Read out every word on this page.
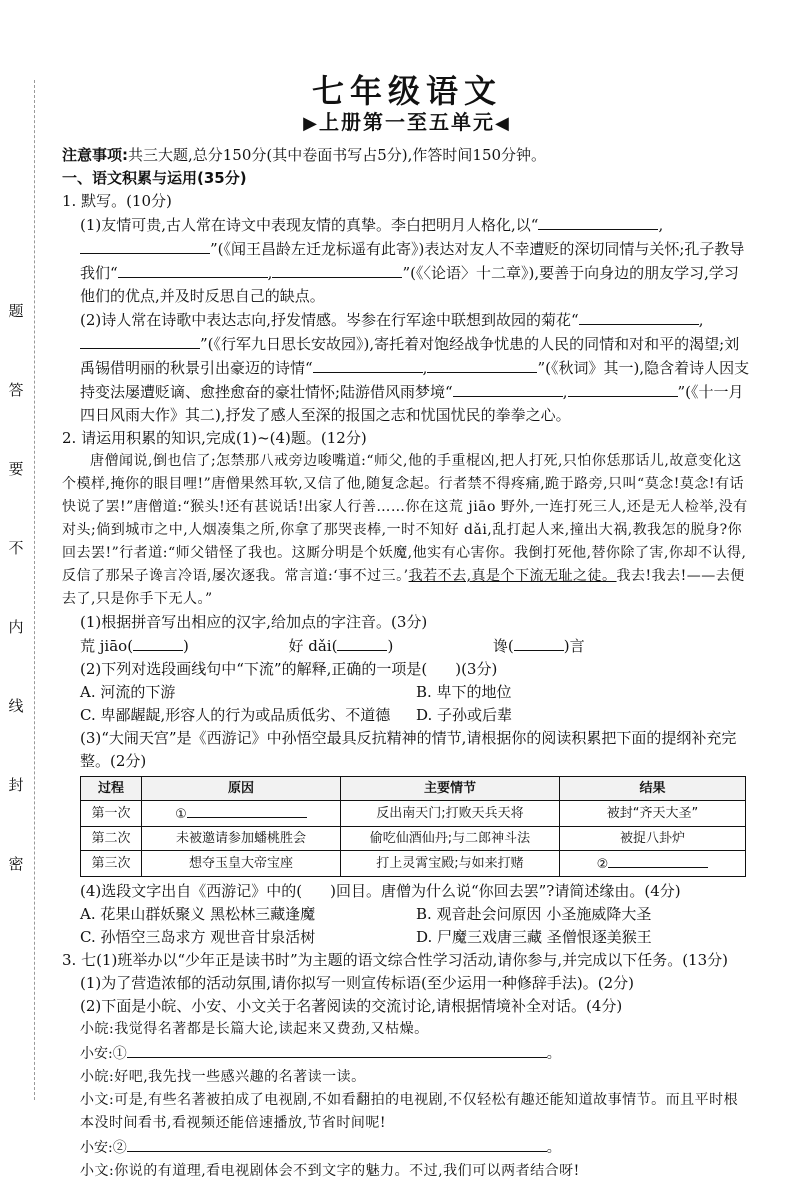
题
答
要
不
内
线
封
密
七年级语文
▶上册第一至五单元◀

注意事项:共三大题,总分150分(其中卷面书写占5分),作答时间150分钟。

一、语文积累与运用(35分)

1. 默写。(10分)

(1)友情可贵,古人常在诗文中表现友情的真挚。李白把明月人格化,以“	,”(《闻王昌龄左迁龙标遥有此寄》)表达对友人不幸遭贬的深切同情与关怀;孔子教导我们“	,	”(《〈论语〉十二章》),要善于向身边的朋友学习,学习他们的优点,并及时反思自己的缺点。

(2)诗人常在诗歌中表达志向,抒发情感。岑参在行军途中联想到故园的菊花“	,”(《行军九日思长安故园》),寄托着对饱经战争忧患的人民的同情和对和平的渴望;刘禹锡借明丽的秋景引出豪迈的诗情“	,	”(《秋词》其一),隐含着诗人因支持变法屡遭贬谪、愈挫愈奋的豪壮情怀;陆游借风雨梦境“	,	”(《十一月四日风雨大作》其二),抒发了感人至深的报国之志和忧国忧民的拳拳之心。

2. 请运用积累的知识,完成(1)~(4)题。(12分)

唐僧闻说,倒也信了;怎禁那八戒旁边唆嘴道:“师父,他的手重棍凶,把人打死,只怕你恁那话儿,故意变化这个模样,掩你的眼目哩!”唐僧果然耳软,又信了他,随复念起。行者禁不得疼痛,跪于路旁,只叫“莫念!莫念!有话快说了罢!”唐僧道:“猴头!还有甚说话!出家人行善……你在这荒 jiāo 野外,一连打死三人,还是无人检举,没有对头;倘到城市之中,人烟凑集之所,你拿了那哭丧棒,一时不知好 dǎi,乱打起人来,撞出大祸,教我怎的脱身?你回去罢!”行者道:“师父错怪了我也。这厮分明是个妖魔,他实有心害你。我倒打死他,替你除了害,你却不认得,反信了那呆子谗言冷语,屡次逐我。常言道:‘事不过三。’我若不去,真是个下流无耻之徒。我去!我去!——去便去了,只是你手下无人。”

(1)根据拼音写出相应的汉字,给加点的字注音。(3分)

荒 jiāo(	)	好 dǎi(	)	谗(	)言

(2)下列对选段画线句中“下流”的解释,正确的一项是( )(3分)

A. 河流的下游	B. 卑下的地位
C. 卑鄙龌龊,形容人的行为或品质低劣、不道德	D. 子孙或后辈

(3)“大闹天宫”是《西游记》中孙悟空最具反抗精神的情节,请根据你的阅读积累把下面的提纲补充完整。(2分)

过程	原因	主要情节	结果
第一次	①	反出南天门;打败天兵天将	被封“齐天大圣”
第二次	未被邀请参加蟠桃胜会	偷吃仙酒仙丹;与二郎神斗法	被捉八卦炉
第三次	想夺玉皇大帝宝座	打上灵霄宝殿;与如来打赌	②

(4)选段文字出自《西游记》中的( )回目。唐僧为什么说“你回去罢”?请简述缘由。(4分)

A. 花果山群妖聚义 黑松林三藏逢魔	B. 观音赴会问原因 小圣施威降大圣
C. 孙悟空三岛求方 观世音甘泉活树	D. 尸魔三戏唐三藏 圣僧恨逐美猴王

3. 七(1)班举办以“少年正是读书时”为主题的语文综合性学习活动,请你参与,并完成以下任务。(13分)

(1)为了营造浓郁的活动氛围,请你拟写一则宣传标语(至少运用一种修辞手法)。(2分)

(2)下面是小皖、小安、小文关于名著阅读的交流讨论,请根据情境补全对话。(4分)

小皖:我觉得名著都是长篇大论,读起来又费劲,又枯燥。

小安:①	。

小皖:好吧,我先找一些感兴趣的名著读一读。

小文:可是,有些名著被拍成了电视剧,不如看翻拍的电视剧,不仅轻松有趣还能知道故事情节。而且平时根本没时间看书,看视频还能倍速播放,节省时间呢!

小安:②	。

小文:你说的有道理,看电视剧体会不到文字的魅力。不过,我们可以两者结合呀!
